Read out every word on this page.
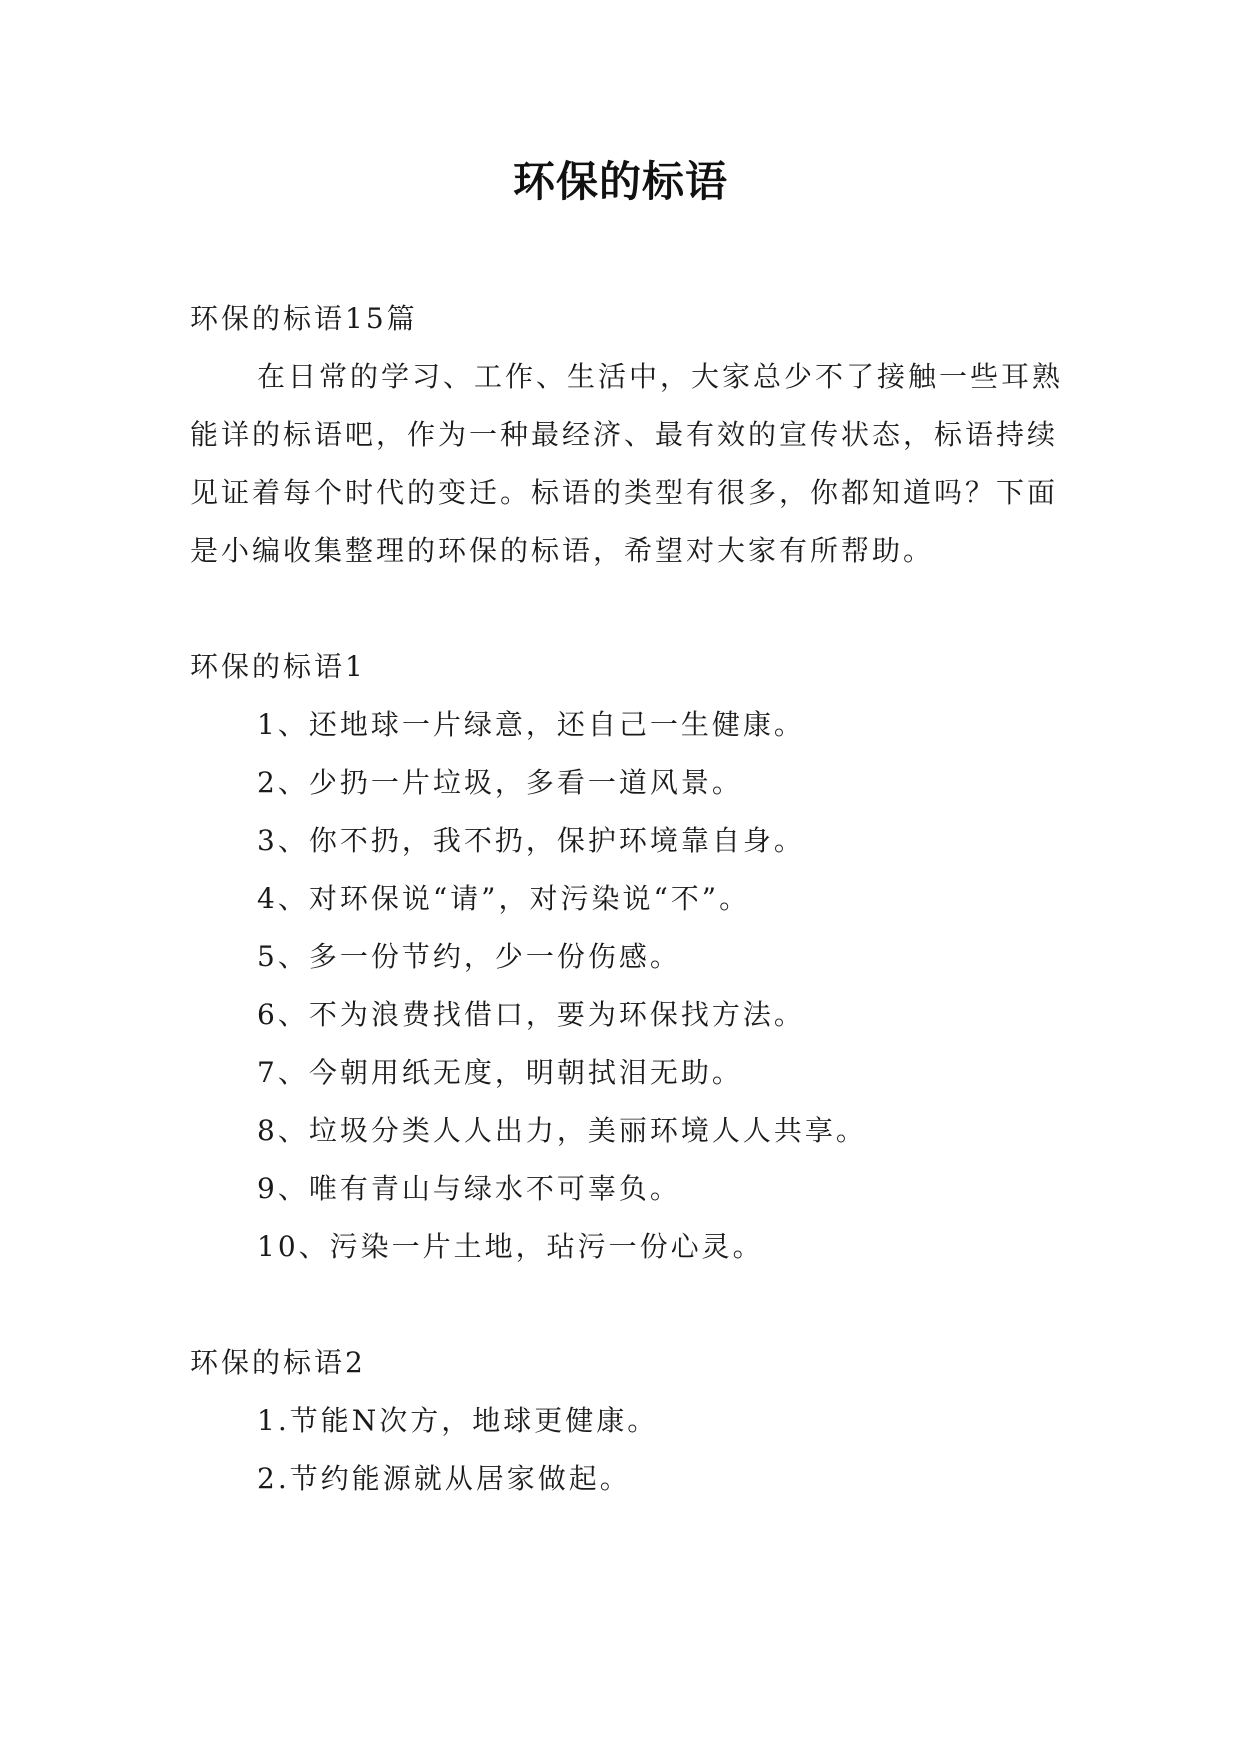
环保的标语

环保的标语15篇

在日常的学习、工作、生活中，大家总少不了接触一些耳熟能详的标语吧，作为一种最经济、最有效的宣传状态，标语持续见证着每个时代的变迁。标语的类型有很多，你都知道吗？下面是小编收集整理的环保的标语，希望对大家有所帮助。

环保的标语1

1、还地球一片绿意，还自己一生健康。
2、少扔一片垃圾，多看一道风景。
3、你不扔，我不扔，保护环境靠自身。
4、对环保说“请”，对污染说“不”。
5、多一份节约，少一份伤感。
6、不为浪费找借口，要为环保找方法。
7、今朝用纸无度，明朝拭泪无助。
8、垃圾分类人人出力，美丽环境人人共享。
9、唯有青山与绿水不可辜负。
10、污染一片土地，玷污一份心灵。

环保的标语2

1.节能N次方，地球更健康。
2.节约能源就从居家做起。
